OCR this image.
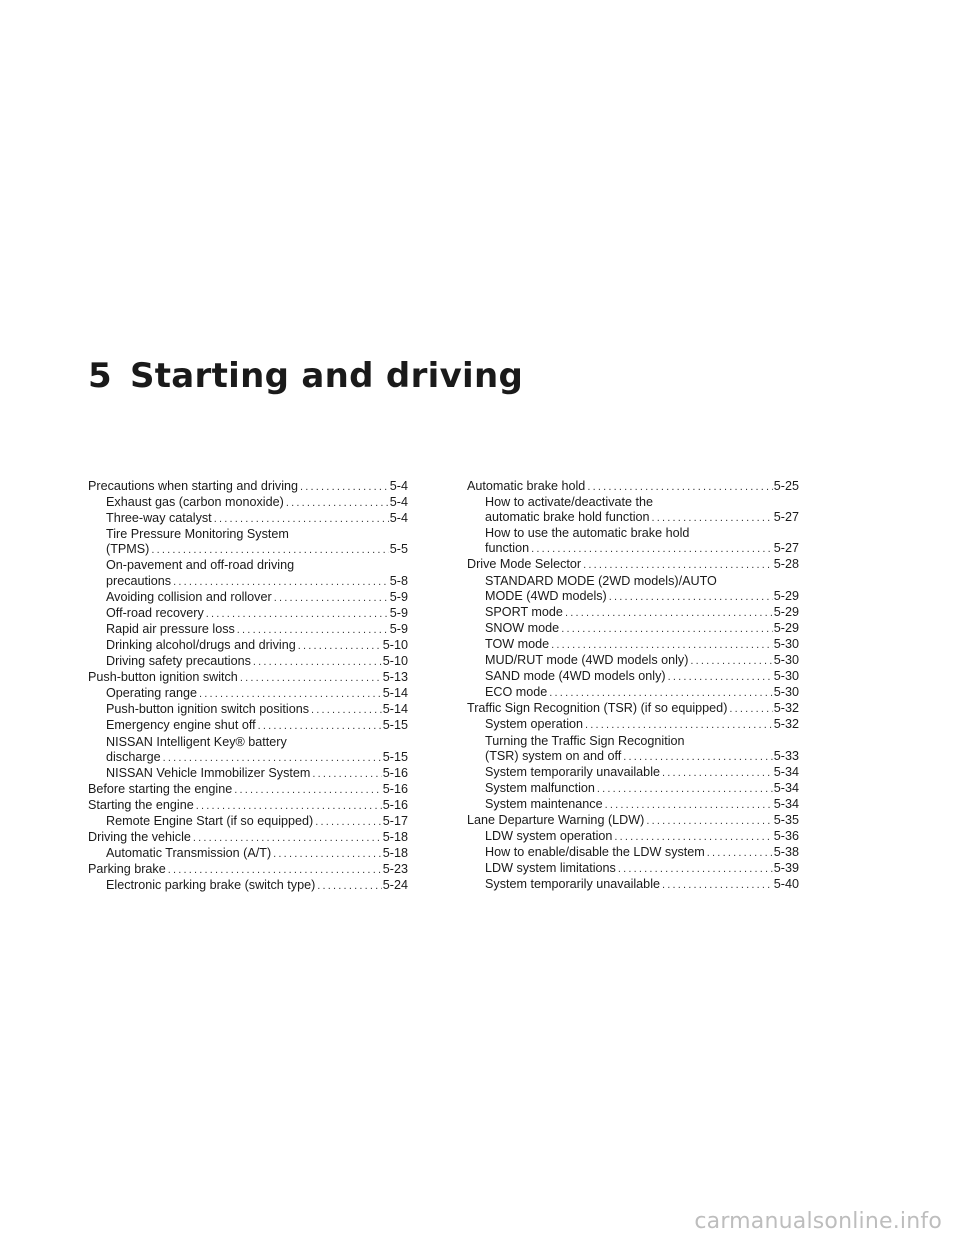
5 Starting and driving
Precautions when starting and driving .....	5-4
Exhaust gas (carbon monoxide) .....	5-4
Three-way catalyst .....	5-4
Tire Pressure Monitoring System
(TPMS) .....	5-5
On-pavement and off-road driving
precautions .....	5-8
Avoiding collision and rollover .....	5-9
Off-road recovery .....	5-9
Rapid air pressure loss .....	5-9
Drinking alcohol/drugs and driving .....	5-10
Driving safety precautions .....	5-10
Push-button ignition switch .....	5-13
Operating range .....	5-14
Push-button ignition switch positions .....	5-14
Emergency engine shut off .....	5-15
NISSAN Intelligent Key® battery
discharge .....	5-15
NISSAN Vehicle Immobilizer System .....	5-16
Before starting the engine .....	5-16
Starting the engine .....	5-16
Remote Engine Start (if so equipped) .....	5-17
Driving the vehicle .....	5-18
Automatic Transmission (A/T) .....	5-18
Parking brake .....	5-23
Electronic parking brake (switch type) .....	5-24
Automatic brake hold .....	5-25
How to activate/deactivate the
automatic brake hold function .....	5-27
How to use the automatic brake hold
function .....	5-27
Drive Mode Selector .....	5-28
STANDARD MODE (2WD models)/AUTO
MODE (4WD models) .....	5-29
SPORT mode .....	5-29
SNOW mode .....	5-29
TOW mode .....	5-30
MUD/RUT mode (4WD models only) .....	5-30
SAND mode (4WD models only) .....	5-30
ECO mode .....	5-30
Traffic Sign Recognition (TSR) (if so equipped) .....	5-32
System operation .....	5-32
Turning the Traffic Sign Recognition
(TSR) system on and off .....	5-33
System temporarily unavailable .....	5-34
System malfunction .....	5-34
System maintenance .....	5-34
Lane Departure Warning (LDW) .....	5-35
LDW system operation .....	5-36
How to enable/disable the LDW system .....	5-38
LDW system limitations .....	5-39
System temporarily unavailable .....	5-40
carmanualsonline.info
